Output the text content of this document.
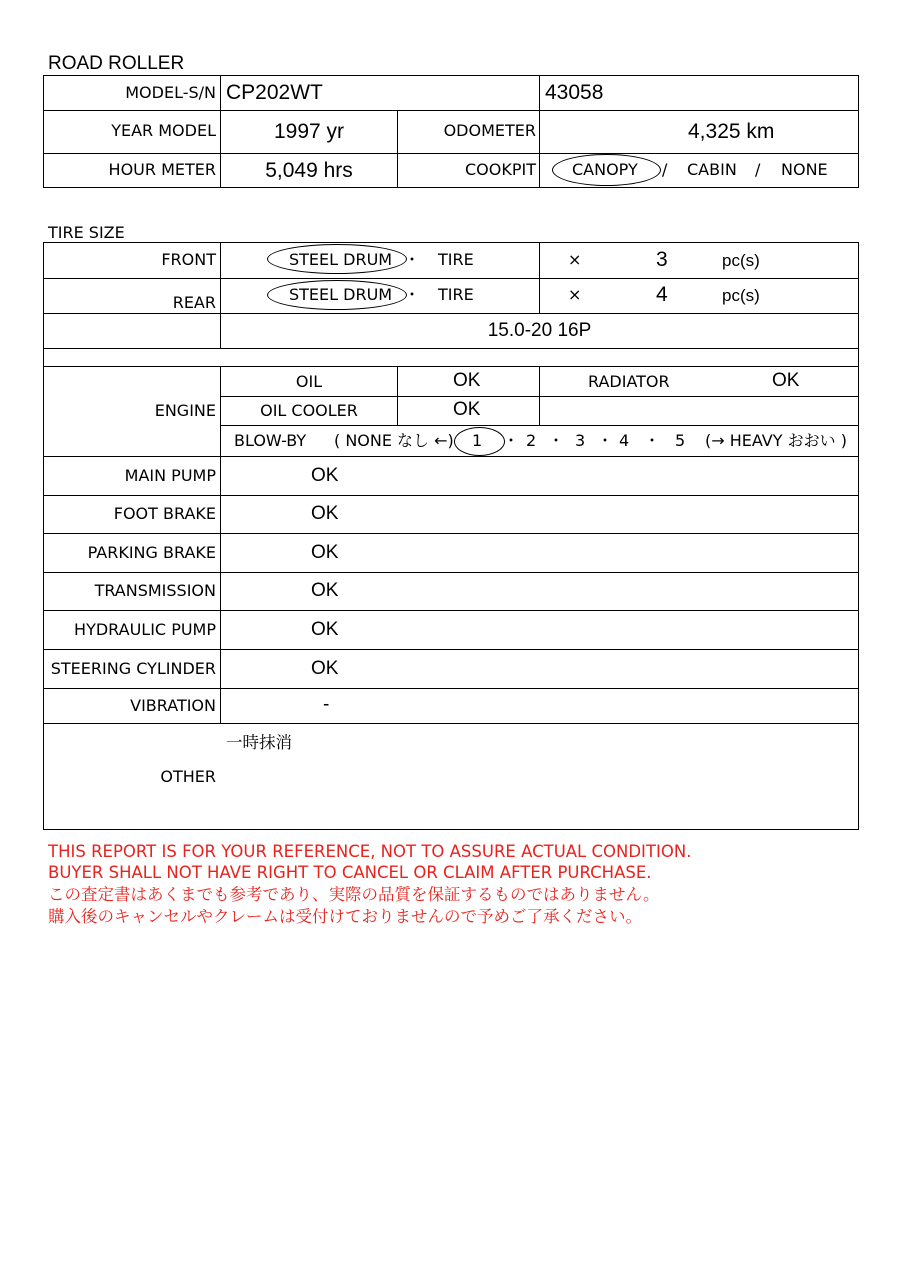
ROAD ROLLER
MODEL-S/N CP202WT	43058
YEAR MODEL	1997 yr	ODOMETER	4,325 km
HOUR METER	5,049 hrs	COOKPIT CANOPY / CABIN / NONE
TIRE SIZE
FRONT	STEEL DRUM ・ TIRE	×	3	pc(s)
REAR	STEEL DRUM ・ TIRE	×	4	pc(s)
15.0-20 16P
ENGINE
OIL	OK	RADIATOR	OK
OIL COOLER	OK
BLOW-BY ( NONE なし ←) 1 ・ 2 ・ 3 ・ 4 ・ 5 (→ HEAVY おおい )
MAIN PUMP	OK
FOOT BRAKE	OK
PARKING BRAKE	OK
TRANSMISSION	OK
HYDRAULIC PUMP	OK
STEERING CYLINDER	OK
VIBRATION	-
OTHER
一時抹消
THIS REPORT IS FOR YOUR REFERENCE, NOT TO ASSURE ACTUAL CONDITION.
BUYER SHALL NOT HAVE RIGHT TO CANCEL OR CLAIM AFTER PURCHASE.
この査定書はあくまでも参考であり、実際の品質を保証するものではありません。
購入後のキャンセルやクレームは受付けておりませんので予めご了承ください。
